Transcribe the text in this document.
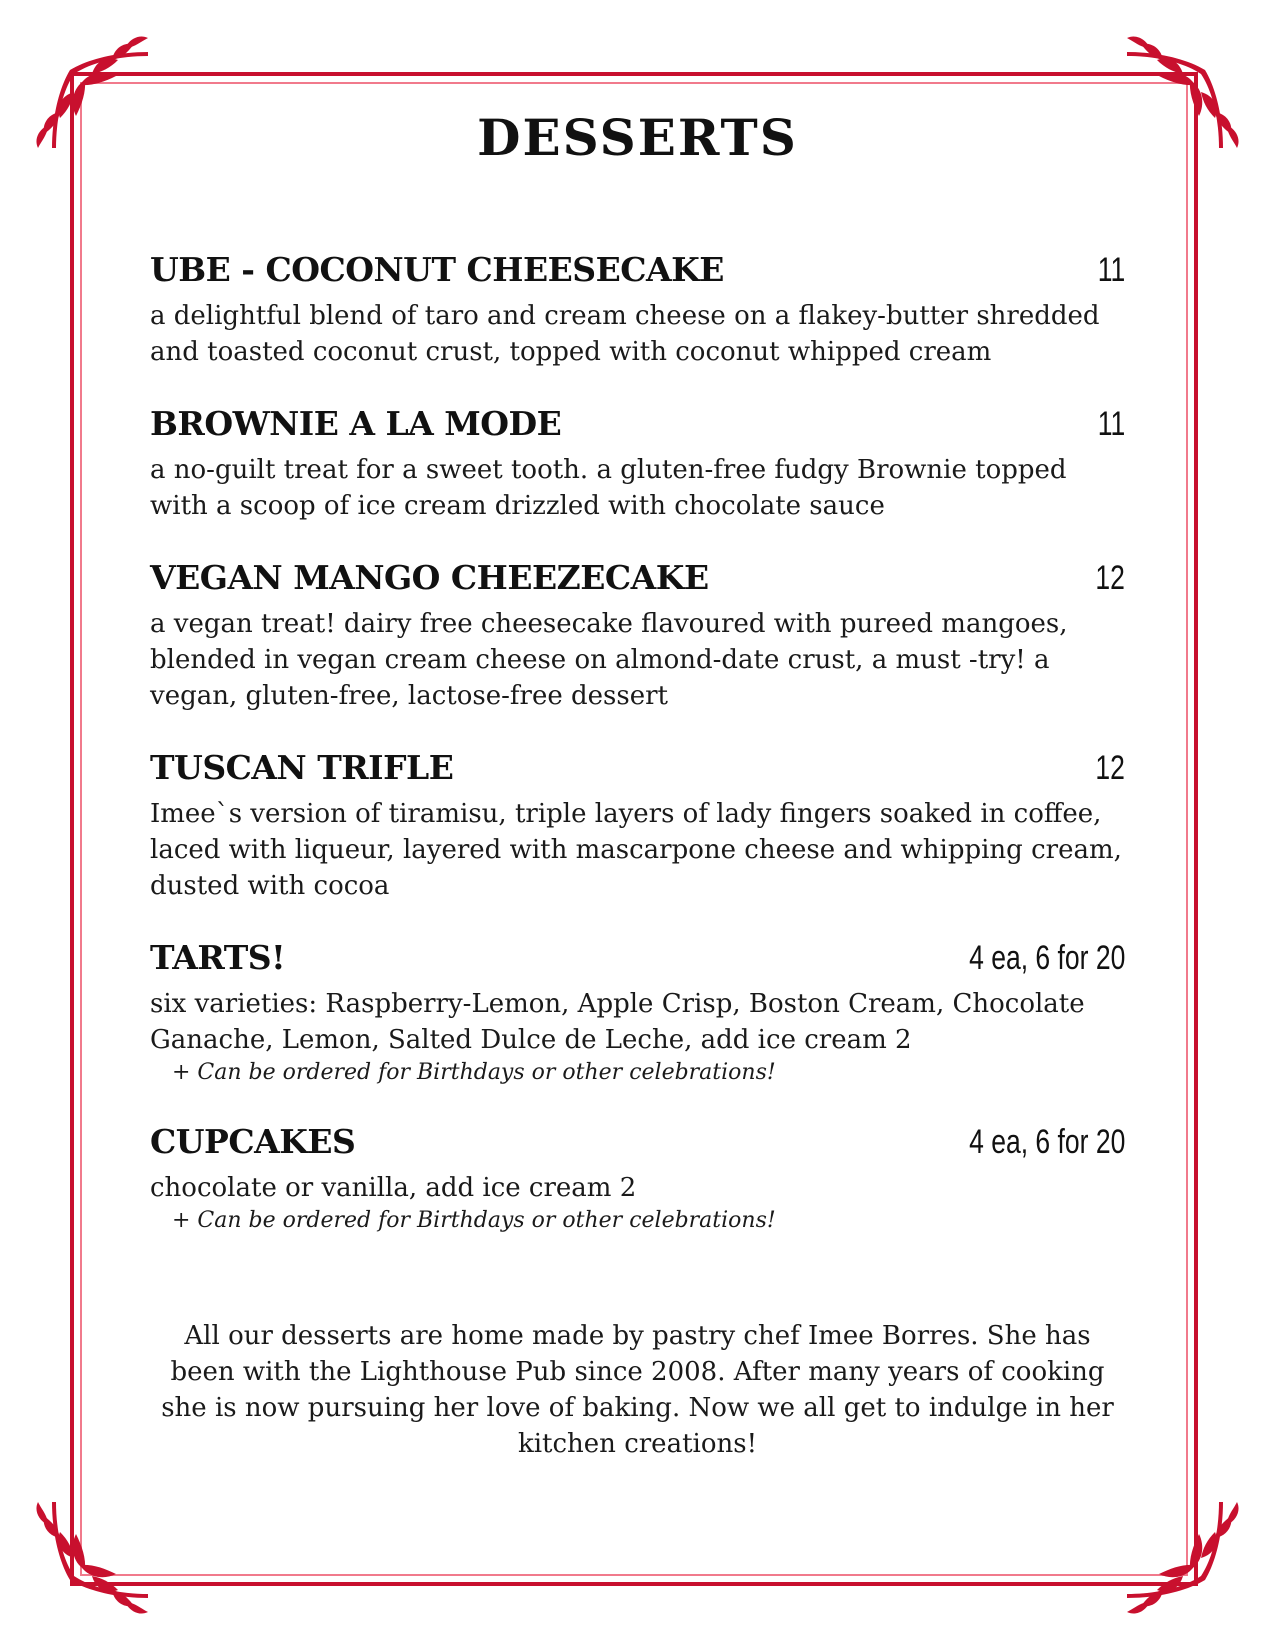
DESSERTS
UBE - COCONUT CHEESECAKE	11
a delightful blend of taro and cream cheese on a flakey-butter shredded and toasted coconut crust, topped with coconut whipped cream
BROWNIE A LA MODE	11
a no-guilt treat for a sweet tooth. a gluten-free fudgy Brownie topped with a scoop of ice cream drizzled with chocolate sauce
VEGAN MANGO CHEEZECAKE	12
a vegan treat! dairy free cheesecake flavoured with pureed mangoes, blended in vegan cream cheese on almond-date crust, a must -try! a vegan, gluten-free, lactose-free dessert
TUSCAN TRIFLE	12
Imee`s version of tiramisu, triple layers of lady fingers soaked in coffee, laced with liqueur, layered with mascarpone cheese and whipping cream, dusted with cocoa
TARTS!	4 ea, 6 for 20
six varieties: Raspberry-Lemon, Apple Crisp, Boston Cream, Chocolate Ganache, Lemon, Salted Dulce de Leche, add ice cream 2
+ Can be ordered for Birthdays or other celebrations!
CUPCAKES	4 ea, 6 for 20
chocolate or vanilla, add ice cream 2
+ Can be ordered for Birthdays or other celebrations!
All our desserts are home made by pastry chef Imee Borres. She has been with the Lighthouse Pub since 2008. After many years of cooking she is now pursuing her love of baking. Now we all get to indulge in her kitchen creations!
